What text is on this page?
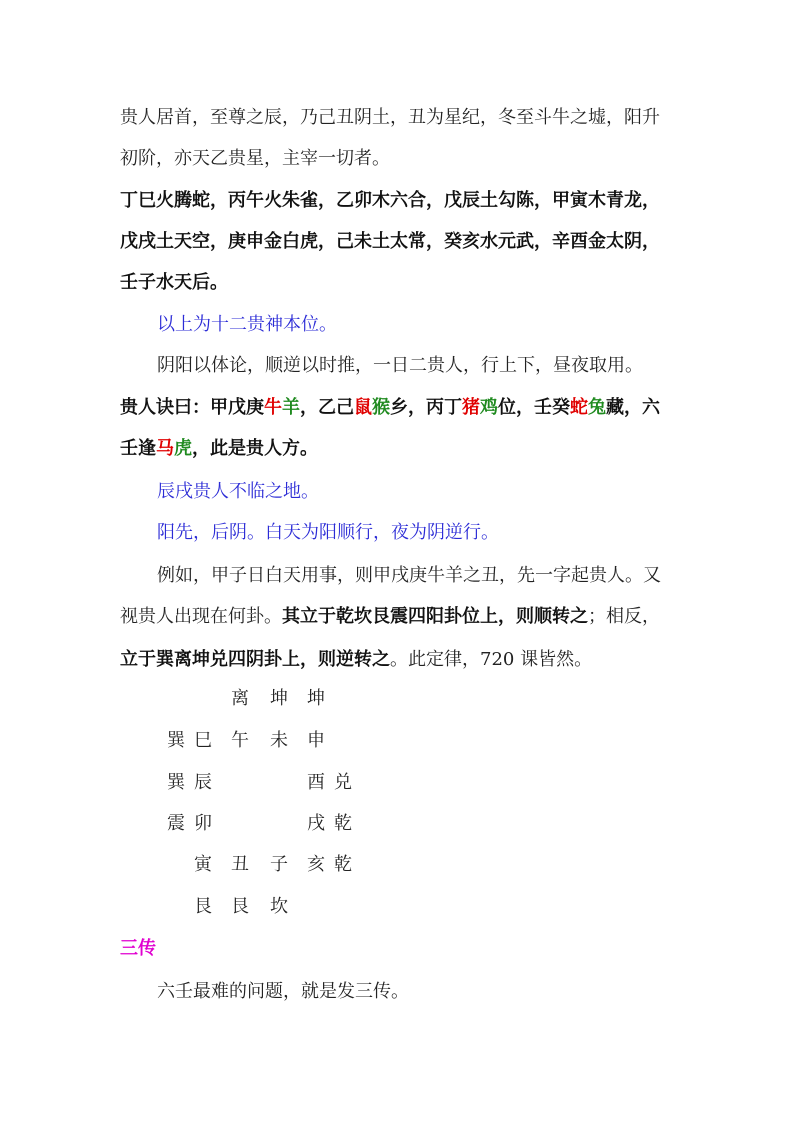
贵人居首，至尊之辰，乃己丑阴土，丑为星纪，冬至斗牛之墟，阳升
初阶，亦天乙贵星，主宰一切者。
丁巳火腾蛇，丙午火朱雀，乙卯木六合，戊辰土勾陈，甲寅木青龙，
戊戌土天空，庚申金白虎，己未土太常，癸亥水元武，辛酉金太阴，
壬子水天后。
以上为十二贵神本位。
阴阳以体论，顺逆以时推，一日二贵人，行上下，昼夜取用。
贵人诀曰：甲戊庚牛羊，乙己鼠猴乡，丙丁猪鸡位，壬癸蛇兔藏，六
壬逢马虎，此是贵人方。
辰戌贵人不临之地。
阳先，后阴。白天为阳顺行，夜为阴逆行。
例如，甲子日白天用事，则甲戌庚牛羊之丑，先一字起贵人。又
视贵人出现在何卦。其立于乾坎艮震四阳卦位上，则顺转之；相反，
立于巽离坤兑四阴卦上，则逆转之。此定律，720 课皆然。
离 坤 坤
巽 巳 午 未 申
巽 辰	酉 兑
震 卯	戌 乾
寅 丑 子 亥 乾
艮 艮 坎
三传
六壬最难的问题，就是发三传。
